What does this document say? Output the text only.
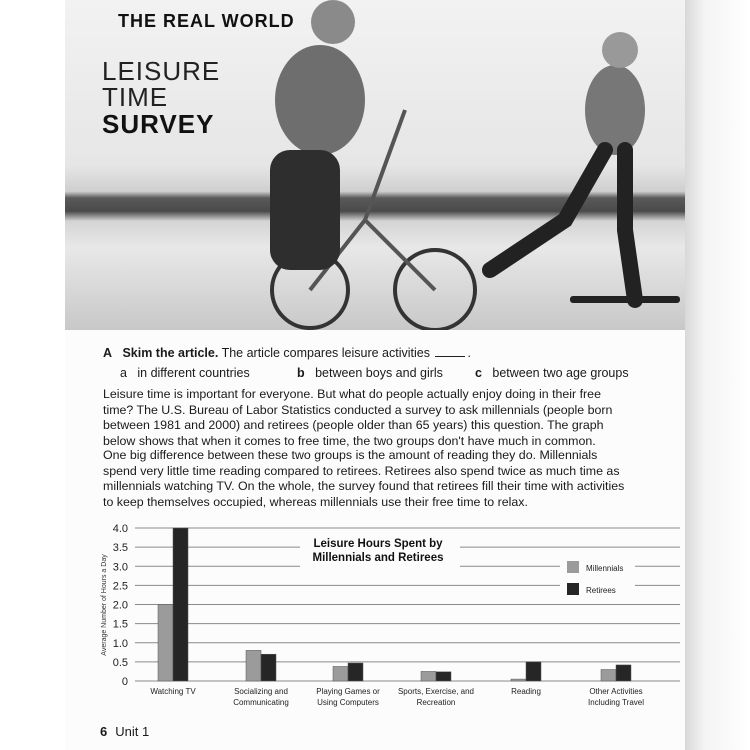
THE REAL WORLD
LEISURE
TIME
SURVEY
A Skim the article. The article compares leisure activities	.
a in different countries	b between boys and girls	c between two age groups
Leisure time is important for everyone. But what do people actually enjoy doing in their free time? The U.S. Bureau of Labor Statistics conducted a survey to ask millennials (people born between 1981 and 2000) and retirees (people older than 65 years) this question. The graph below shows that when it comes to free time, the two groups don't have much in common.
One big difference between these two groups is the amount of reading they do. Millennials spend very little time reading compared to retirees. Retirees also spend twice as much time as millennials watching TV. On the whole, the survey found that retirees fill their time with activities to keep themselves occupied, whereas millennials use their free time to relax.
0
0.5
1.0
1.5
2.0
2.5
3.0
3.5
4.0
Average Number of Hours a Day
Leisure Hours Spent by
Millennials and Retirees
Millennials
Retirees
Watching TV	Socializing and
Communicating
Playing Games or
Using Computers
Sports, Exercise, and
Recreation
Reading	Other Activities
Including Travel
6 Unit 1
